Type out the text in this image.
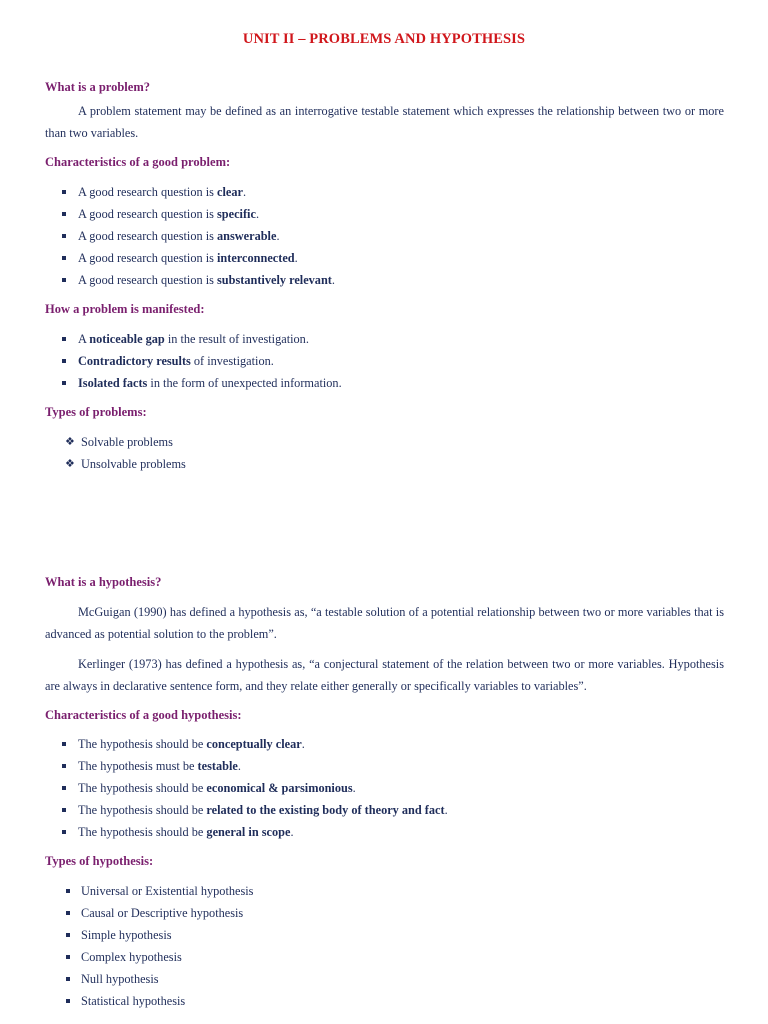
UNIT II – PROBLEMS AND HYPOTHESIS
What is a problem?
A problem statement may be defined as an interrogative testable statement which expresses the relationship between two or more than two variables.
Characteristics of a good problem:
A good research question is clear.
A good research question is specific.
A good research question is answerable.
A good research question is interconnected.
A good research question is substantively relevant.
How a problem is manifested:
A noticeable gap in the result of investigation.
Contradictory results of investigation.
Isolated facts in the form of unexpected information.
Types of problems:
❖ Solvable problems
❖ Unsolvable problems
What is a hypothesis?
McGuigan (1990) has defined a hypothesis as, “a testable solution of a potential relationship between two or more variables that is advanced as potential solution to the problem”.
Kerlinger (1973) has defined a hypothesis as, “a conjectural statement of the relation between two or more variables. Hypothesis are always in declarative sentence form, and they relate either generally or specifically variables to variables”.
Characteristics of a good hypothesis:
The hypothesis should be conceptually clear.
The hypothesis must be testable.
The hypothesis should be economical & parsimonious.
The hypothesis should be related to the existing body of theory and fact.
The hypothesis should be general in scope.
Types of hypothesis:
Universal or Existential hypothesis
Causal or Descriptive hypothesis
Simple hypothesis
Complex hypothesis
Null hypothesis
Statistical hypothesis
